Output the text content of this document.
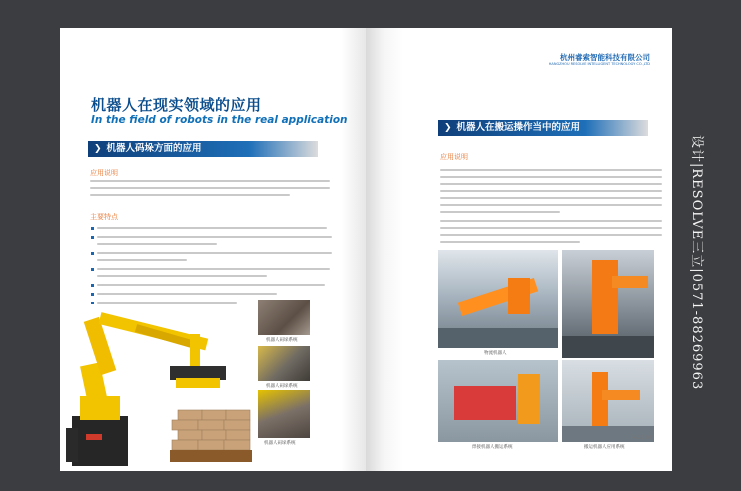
机器人在现实领域的应用
In the field of robots in the real application
❯ 机器人码垛方面的应用
应用说明
主要特点
机器人码垛系统
机器人码垛系统
机器人码垛系统
杭州睿索智能科技有限公司
HANGZHOU RESOLVE INTELLIGENT TECHNOLOGY CO.,LTD
❯ 机器人在搬运操作当中的应用
应用说明
物流机器人
焊接机器人搬运系统	搬运机器人应用系统
PAGE 07
设计|RESOLVE三立|0571-88269963
